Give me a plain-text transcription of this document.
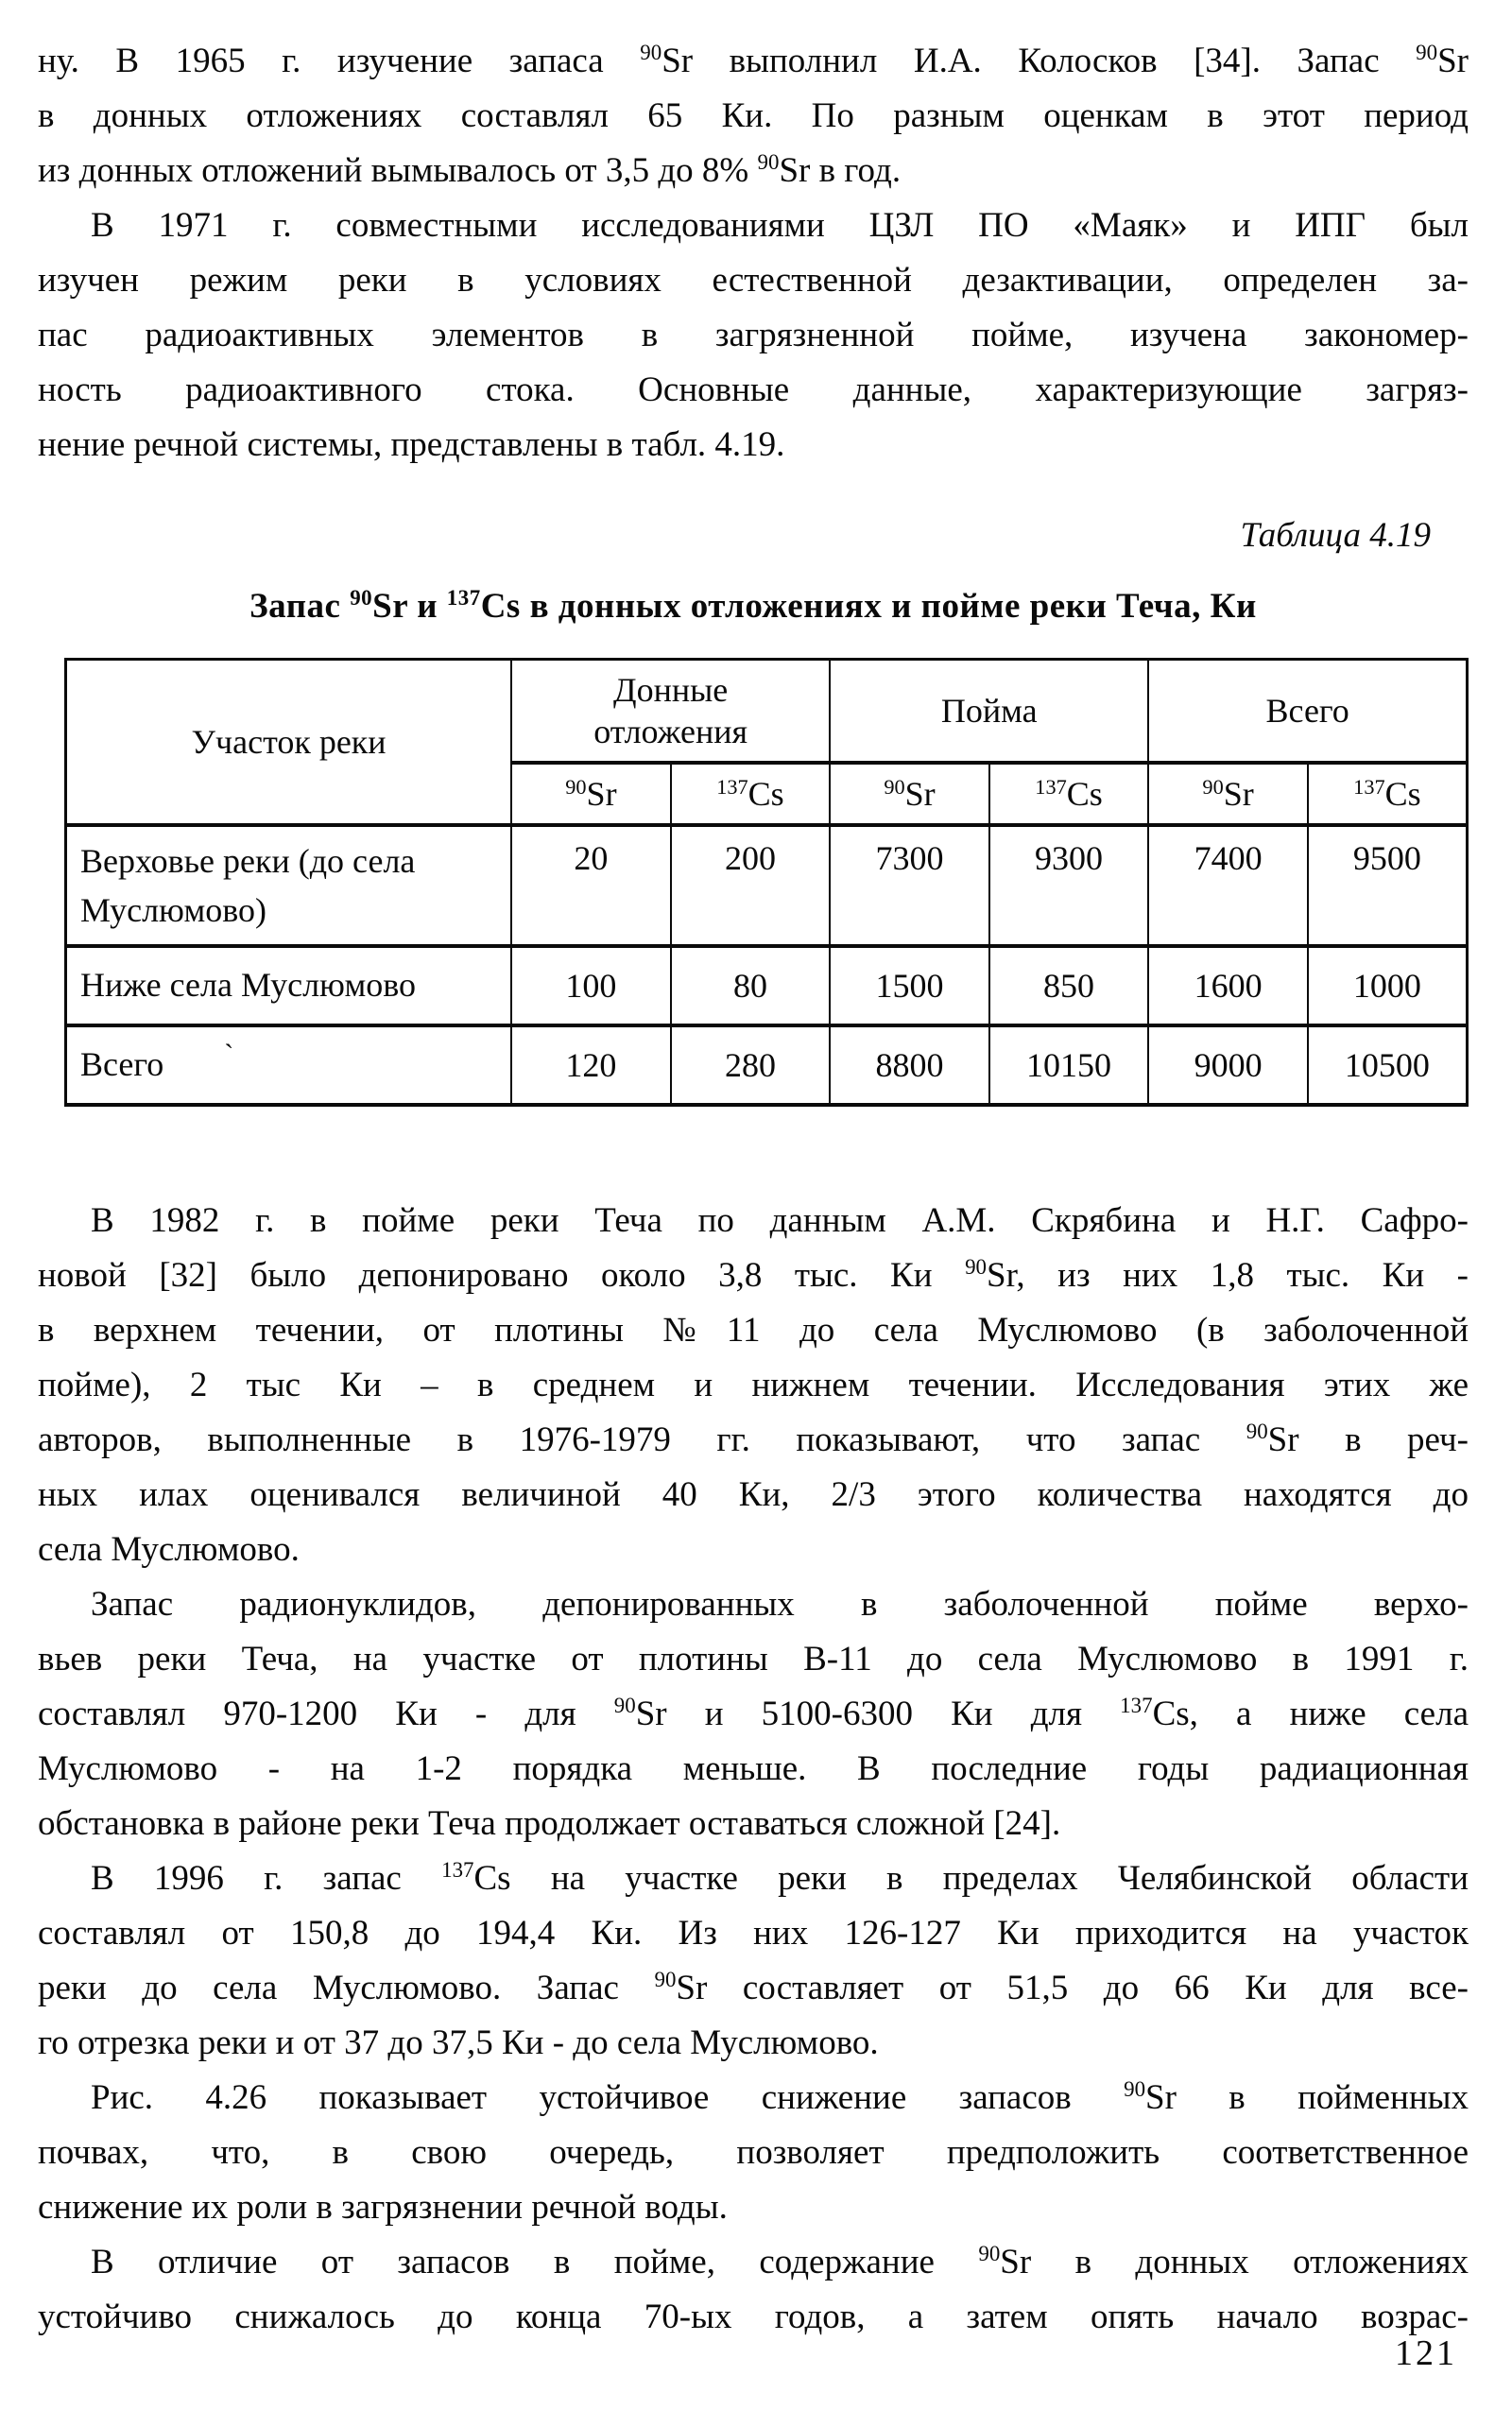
ну. В 1965 г. изучение запаса $^{90}$Sr выполнил И.А. Колосков [34]. Запас $^{90}$Sr
в донных отложениях составлял 65 Ки. По разным оценкам в этот период
из донных отложений вымывалось от 3,5 до 8% $^{90}$Sr в год.
В 1971 г. совместными исследованиями ЦЗЛ ПО «Маяк» и ИПГ был
изучен режим реки в условиях естественной дезактивации, определен за-
пас радиоактивных элементов в загрязненной пойме, изучена закономер-
ность радиоактивного стока. Основные данные, характеризующие загряз-
нение речной системы, представлены в табл. 4.19.
Таблица 4.19
Запас $^{90}$Sr и $^{137}$Cs в донных отложениях и пойме реки Теча, Ки
Участок реки	Донные отложения		Пойма		Всего	
	$^{90}$Sr	$^{137}$Cs	$^{90}$Sr	$^{137}$Cs	$^{90}$Sr	$^{137}$Cs
Верховье реки (до села Муслюмово)	20	200	7300	9300	7400	9500
Ниже села Муслюмово	100	80	1500	850	1600	1000
Всего `	120	280	8800	10150	9000	10500
В 1982 г. в пойме реки Теча по данным А.М. Скрябина и Н.Г. Сафро-
новой [32] было депонировано около 3,8 тыс. Ки $^{90}$Sr, из них 1,8 тыс. Ки -
в верхнем течении, от плотины №11 до села Муслюмово (в заболоченной
пойме), 2 тыс Ки – в среднем и нижнем течении. Исследования этих же
авторов, выполненные в 1976-1979 гг. показывают, что запас $^{90}$Sr в реч-
ных илах оценивался величиной 40 Ки, 2/3 этого количества находятся до
села Муслюмово.
Запас радионуклидов, депонированных в заболоченной пойме верхо-
вьев реки Теча, на участке от плотины В-11 до села Муслюмово в 1991 г.
составлял 970-1200 Ки - для $^{90}$Sr и 5100-6300 Ки для $^{137}$Cs, а ниже села
Муслюмово - на 1-2 порядка меньше. В последние годы радиационная
обстановка в районе реки Теча продолжает оставаться сложной [24].
В 1996 г. запас $^{137}$Cs на участке реки в пределах Челябинской области
составлял от 150,8 до 194,4 Ки. Из них 126-127 Ки приходится на участок
реки до села Муслюмово. Запас $^{90}$Sr составляет от 51,5 до 66 Ки для все-
го отрезка реки и от 37 до 37,5 Ки - до села Муслюмово.
Рис. 4.26 показывает устойчивое снижение запасов $^{90}$Sr в пойменных
почвах, что, в свою очередь, позволяет предположить соответственное
снижение их роли в загрязнении речной воды.
В отличие от запасов в пойме, содержание $^{90}$Sr в донных отложениях
устойчиво снижалось до конца 70-ых годов, а затем опять начало возрас-
121
